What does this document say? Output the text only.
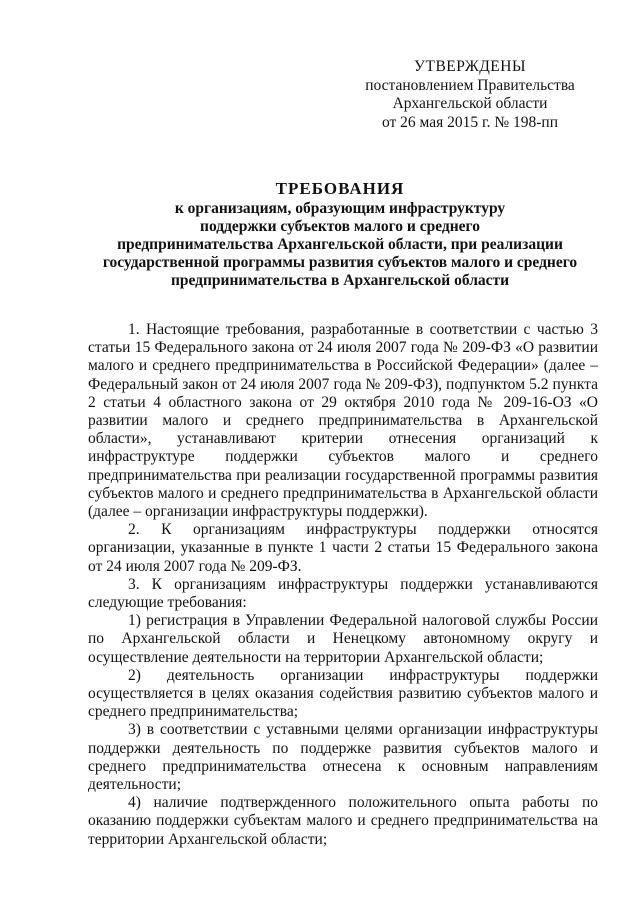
УТВЕРЖДЕНЫ
постановлением Правительства
Архангельской области
от 26 мая 2015 г. № 198-пп
ТРЕБОВАНИЯ
к организациям, образующим инфраструктуру
поддержки субъектов малого и среднего
предпринимательства Архангельской области, при реализации
государственной программы развития субъектов малого и среднего
предпринимательства в Архангельской области

1. Настоящие требования, разработанные в соответствии с частью 3 статьи 15 Федерального закона от 24 июля 2007 года № 209-ФЗ «О развитии малого и среднего предпринимательства в Российской Федерации» (далее – Федеральный закон от 24 июля 2007 года № 209-ФЗ), подпунктом 5.2 пункта 2 статьи 4 областного закона от 29 октября 2010 года № 209-16-ОЗ «О развитии малого и среднего предпринимательства в Архангельской области», устанавливают критерии отнесения организаций к инфраструктуре поддержки субъектов малого и среднего предпринимательства при реализации государственной программы развития субъектов малого и среднего предпринимательства в Архангельской области (далее – организации инфраструктуры поддержки).

2. К организациям инфраструктуры поддержки относятся организации, указанные в пункте 1 части 2 статьи 15 Федерального закона от 24 июля 2007 года № 209-ФЗ.

3. К организациям инфраструктуры поддержки устанавливаются следующие требования:

1) регистрация в Управлении Федеральной налоговой службы России по Архангельской области и Ненецкому автономному округу и осуществление деятельности на территории Архангельской области;

2) деятельность организации инфраструктуры поддержки осуществляется в целях оказания содействия развитию субъектов малого и среднего предпринимательства;

3) в соответствии с уставными целями организации инфраструктуры поддержки деятельность по поддержке развития субъектов малого и среднего предпринимательства отнесена к основным направлениям деятельности;

4) наличие подтвержденного положительного опыта работы по оказанию поддержки субъектам малого и среднего предпринимательства на территории Архангельской области;
